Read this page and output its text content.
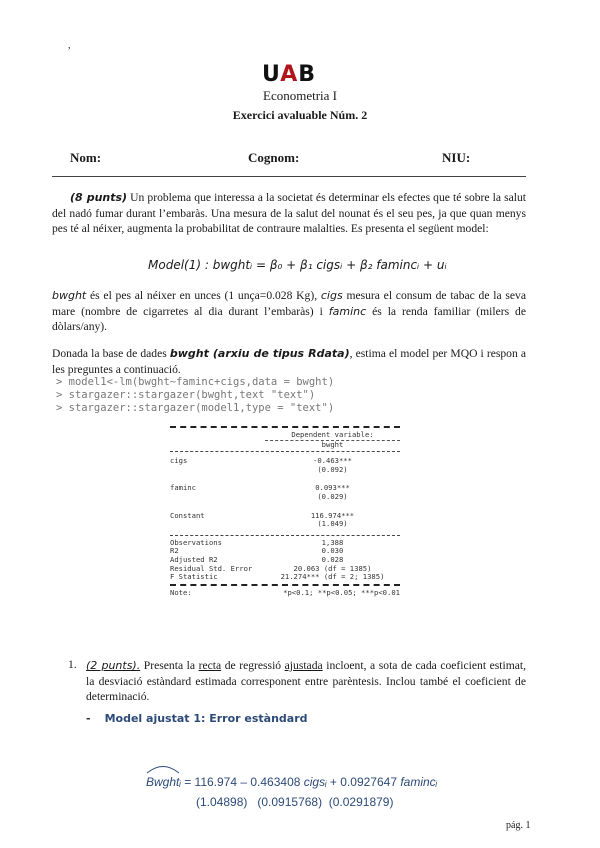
,
UAB
Econometria I
Exercici avaluable Núm. 2
Nom:	Cognom:	NIU:
(8 punts) Un problema que interessa a la societat és determinar els efectes que té sobre la salut del nadó fumar durant l’embaràs. Una mesura de la salut del nounat és el seu pes, ja que quan menys pes té al néixer, augmenta la probabilitat de contraure malalties. Es presenta el següent model:
Model(1) : bwghtᵢ = β₀ + β₁ cigsᵢ + β₂ famincᵢ + uᵢ
bwght és el pes al néixer en unces (1 unça=0.028 Kg), cigs mesura el consum de tabac de la seva mare (nombre de cigarretes al dia durant l’embaràs) i faminc és la renda familiar (milers de dòlars/any).
Donada la base de dades bwght (arxiu de tipus Rdata), estima el model per MQO i respon a les preguntes a continuació.
> model1<-lm(bwght~faminc+cigs,data = bwght)
> stargazer::stargazer(bwght,text "text")
> stargazer::stargazer(model1,type = "text")
Dependent variable:
bwght
cigs	-0.463***
(0.092)
faminc	0.093***
(0.029)
Constant	116.974***
(1.049)
Observations	1,388
R2	0.030
Adjusted R2	0.028
Residual Std. Error	20.063 (df = 1385)
F Statistic	21.274*** (df = 2; 1385)
Note:	*p<0.1; **p<0.05; ***p<0.01
1. (2 punts). Presenta la recta de regressió ajustada incloent, a sota de cada coeficient estimat, la desviació estàndard estimada corresponent entre parèntesis. Inclou també el coeficient de determinació.
- Model ajustat 1: Error estàndard
Bwghtᵢ = 116.974 – 0.463408 cigsᵢ + 0.0927647 famincᵢ
(1.04898)   (0.0915768)  (0.0291879)
pág. 1
